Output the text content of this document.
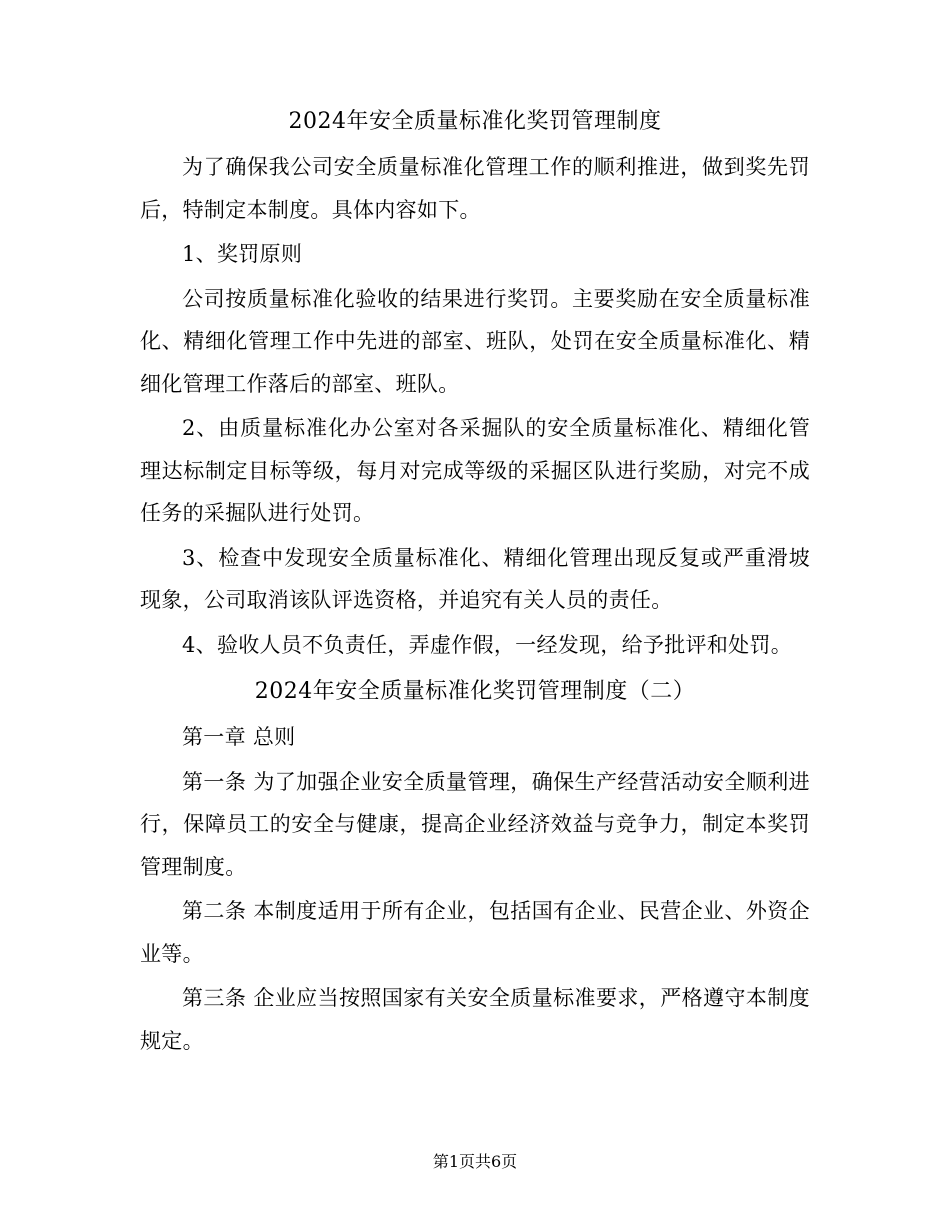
2024年安全质量标准化奖罚管理制度

为了确保我公司安全质量标准化管理工作的顺利推进，做到奖先罚后，特制定本制度。具体内容如下。

1、奖罚原则

公司按质量标准化验收的结果进行奖罚。主要奖励在安全质量标准化、精细化管理工作中先进的部室、班队，处罚在安全质量标准化、精细化管理工作落后的部室、班队。

2、由质量标准化办公室对各采掘队的安全质量标准化、精细化管理达标制定目标等级，每月对完成等级的采掘区队进行奖励，对完不成任务的采掘队进行处罚。

3、检查中发现安全质量标准化、精细化管理出现反复或严重滑坡现象，公司取消该队评选资格，并追究有关人员的责任。

4、验收人员不负责任，弄虚作假，一经发现，给予批评和处罚。

2024年安全质量标准化奖罚管理制度（二）

第一章 总则

第一条 为了加强企业安全质量管理，确保生产经营活动安全顺利进行，保障员工的安全与健康，提高企业经济效益与竞争力，制定本奖罚管理制度。

第二条 本制度适用于所有企业，包括国有企业、民营企业、外资企业等。

第三条 企业应当按照国家有关安全质量标准要求，严格遵守本制度规定。

第1页共6页
